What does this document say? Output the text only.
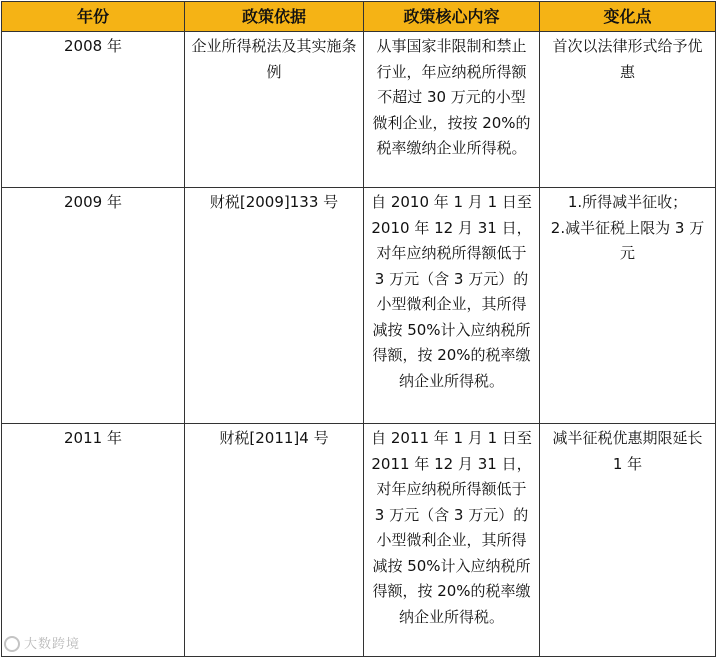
年份	政策依据	政策核心内容	变化点
2008 年	企业所得税法及其实施条例	从事国家非限制和禁止行业，年应纳税所得额不超过 30 万元的小型微利企业，按按 20%的税率缴纳企业所得税。	首次以法律形式给予优惠

2009 年	财税[2009]133 号	自 2010 年 1 月 1 日至 2010 年 12 月 31 日，对年应纳税所得额低于 3 万元（含 3 万元）的小型微利企业，其所得减按 50%计入应纳税所得额，按 20%的税率缴纳企业所得税。	1.所得减半征收；
2.减半征税上限为 3 万元

2011 年	财税[2011]4 号	自 2011 年 1 月 1 日至 2011 年 12 月 31 日，对年应纳税所得额低于 3 万元（含 3 万元）的小型微利企业，其所得减按 50%计入应纳税所得额，按 20%的税率缴纳企业所得税。	减半征税优惠期限延长 1 年
大数跨境
